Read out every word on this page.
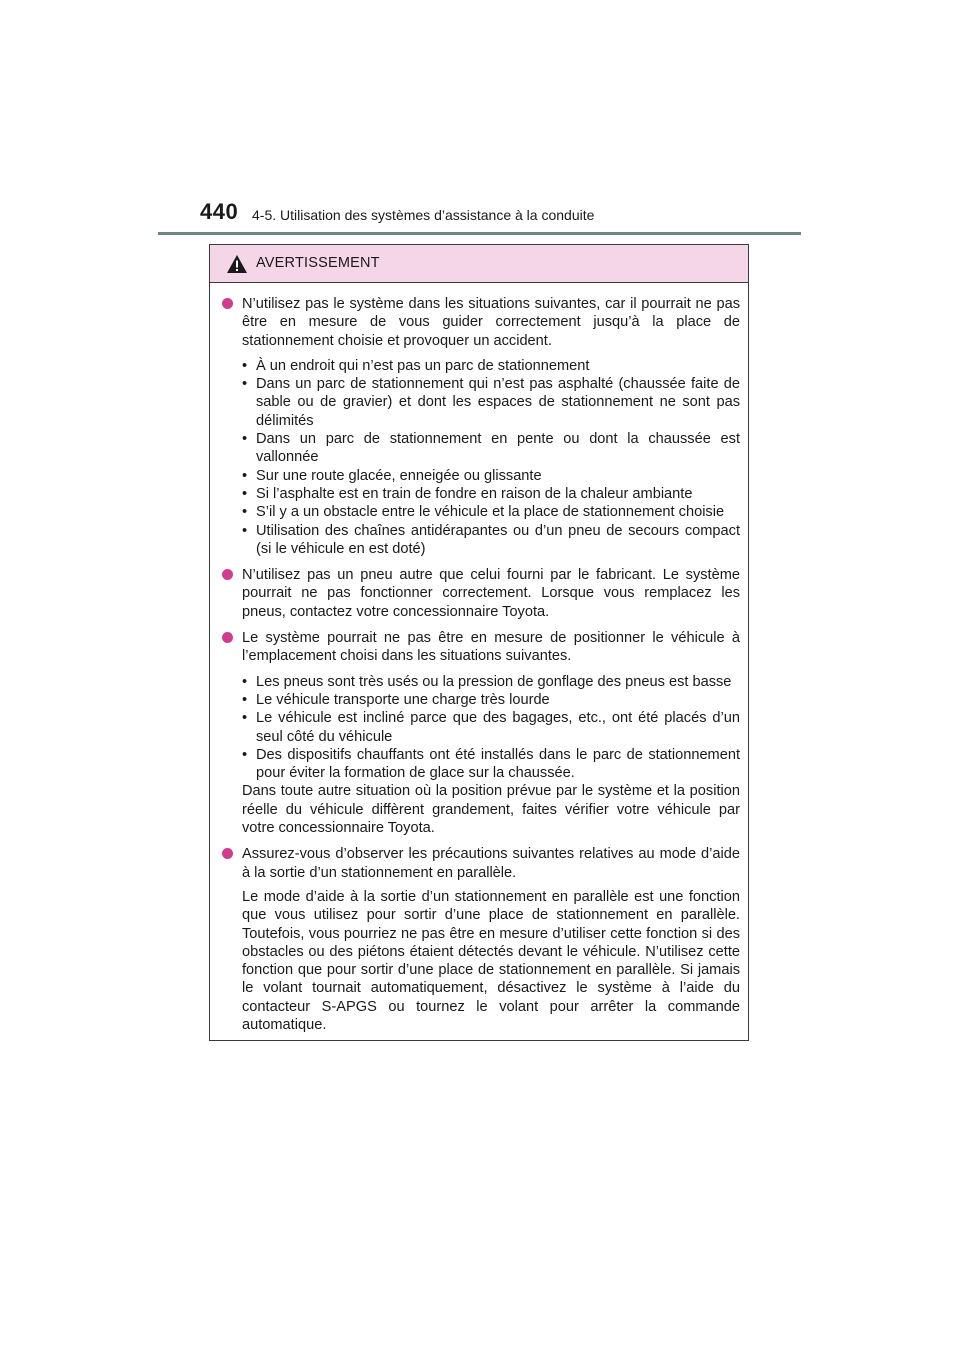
440 4-5. Utilisation des systèmes d’assistance à la conduite
AVERTISSEMENT

N’utilisez pas le système dans les situations suivantes, car il pourrait ne pas être en mesure de vous guider correctement jusqu’à la place de stationnement choisie et provoquer un accident.

• À un endroit qui n’est pas un parc de stationnement
• Dans un parc de stationnement qui n’est pas asphalté (chaussée faite de sable ou de gravier) et dont les espaces de stationnement ne sont pas délimités
• Dans un parc de stationnement en pente ou dont la chaussée est vallonnée
• Sur une route glacée, enneigée ou glissante
• Si l’asphalte est en train de fondre en raison de la chaleur ambiante
• S’il y a un obstacle entre le véhicule et la place de stationnement choisie
• Utilisation des chaînes antidérapantes ou d’un pneu de secours compact (si le véhicule en est doté)

N’utilisez pas un pneu autre que celui fourni par le fabricant. Le système pourrait ne pas fonctionner correctement. Lorsque vous remplacez les pneus, contactez votre concessionnaire Toyota.

Le système pourrait ne pas être en mesure de positionner le véhicule à l’emplacement choisi dans les situations suivantes.

• Les pneus sont très usés ou la pression de gonflage des pneus est basse
• Le véhicule transporte une charge très lourde
• Le véhicule est incliné parce que des bagages, etc., ont été placés d’un seul côté du véhicule
• Des dispositifs chauffants ont été installés dans le parc de stationnement pour éviter la formation de glace sur la chaussée.

Dans toute autre situation où la position prévue par le système et la position réelle du véhicule diffèrent grandement, faites vérifier votre véhicule par votre concessionnaire Toyota.

Assurez-vous d’observer les précautions suivantes relatives au mode d’aide à la sortie d’un stationnement en parallèle.

Le mode d’aide à la sortie d’un stationnement en parallèle est une fonction que vous utilisez pour sortir d’une place de stationnement en parallèle. Toutefois, vous pourriez ne pas être en mesure d’utiliser cette fonction si des obstacles ou des piétons étaient détectés devant le véhicule. N’utilisez cette fonction que pour sortir d’une place de stationnement en parallèle. Si jamais le volant tournait automatiquement, désactivez le système à l’aide du contacteur S-APGS ou tournez le volant pour arrêter la commande automatique.
